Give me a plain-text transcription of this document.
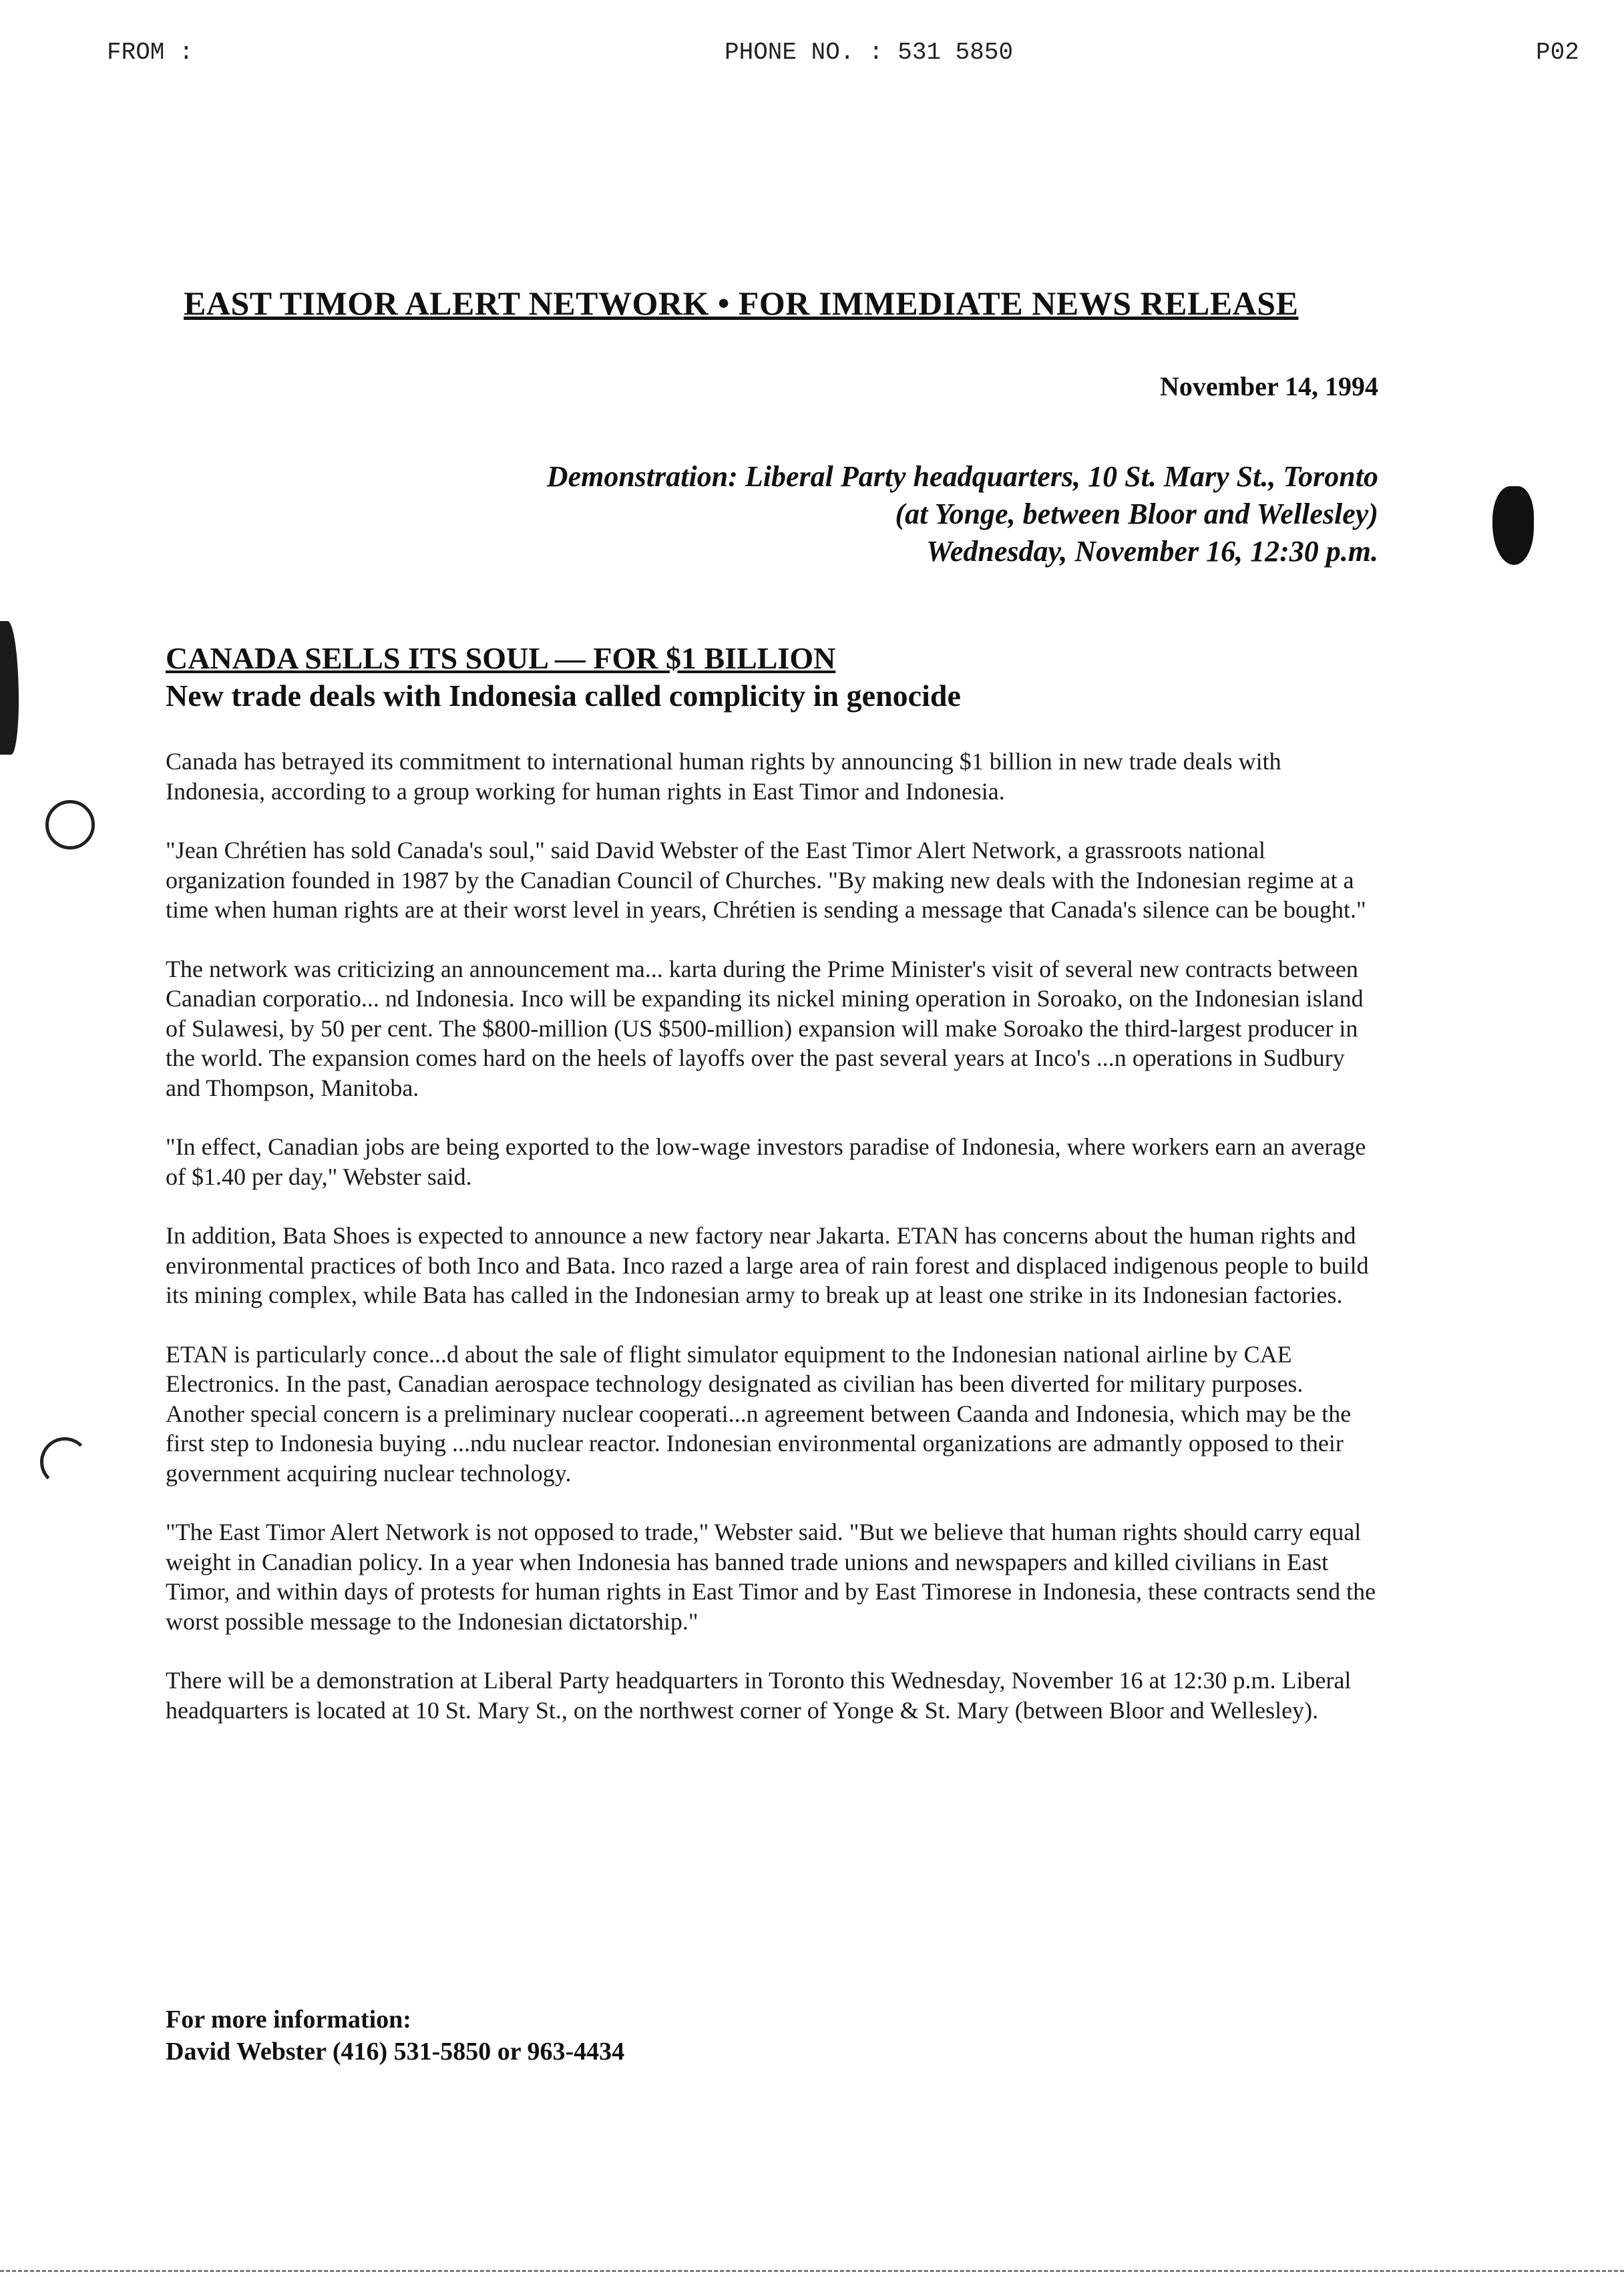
FROM :	PHONE NO. : 531 5850	P02
EAST TIMOR ALERT NETWORK • FOR IMMEDIATE NEWS RELEASE
November 14, 1994
Demonstration: Liberal Party headquarters, 10 St. Mary St., Toronto
(at Yonge, between Bloor and Wellesley)
Wednesday, November 16, 12:30 p.m.
CANADA SELLS ITS SOUL — FOR $1 BILLION
New trade deals with Indonesia called complicity in genocide

Canada has betrayed its commitment to international human rights by announcing $1 billion in new trade deals with Indonesia, according to a group working for human rights in East Timor and Indonesia.

"Jean Chrétien has sold Canada's soul," said David Webster of the East Timor Alert Network, a grassroots national organization founded in 1987 by the Canadian Council of Churches. "By making new deals with the Indonesian regime at a time when human rights are at their worst level in years, Chrétien is sending a message that Canada's silence can be bought."

The network was criticizing an announcement ma... karta during the Prime Minister's visit of several new contracts between Canadian corporatio... nd Indonesia. Inco will be expanding its nickel mining operation in Soroako, on the Indonesian island of Sulawesi, by 50 per cent. The $800-million (US $500-million) expansion will make Soroako the third-largest producer in the world. The expansion comes hard on the heels of layoffs over the past several years at Inco's ...n operations in Sudbury and Thompson, Manitoba.

"In effect, Canadian jobs are being exported to the low-wage investors paradise of Indonesia, where workers earn an average of $1.40 per day," Webster said.

In addition, Bata Shoes is expected to announce a new factory near Jakarta. ETAN has concerns about the human rights and environmental practices of both Inco and Bata. Inco razed a large area of rain forest and displaced indigenous people to build its mining complex, while Bata has called in the Indonesian army to break up at least one strike in its Indonesian factories.

ETAN is particularly conce...d about the sale of flight simulator equipment to the Indonesian national airline by CAE Electronics. In the past, Canadian aerospace technology designated as civilian has been diverted for military purposes. Another special concern is a preliminary nuclear cooperati...n agreement between Caanda and Indonesia, which may be the first step to Indonesia buying ...ndu nuclear reactor. Indonesian environmental organizations are admantly opposed to their government acquiring nuclear technology.

"The East Timor Alert Network is not opposed to trade," Webster said. "But we believe that human rights should carry equal weight in Canadian policy. In a year when Indonesia has banned trade unions and newspapers and killed civilians in East Timor, and within days of protests for human rights in East Timor and by East Timorese in Indonesia, these contracts send the worst possible message to the Indonesian dictatorship."

There will be a demonstration at Liberal Party headquarters in Toronto this Wednesday, November 16 at 12:30 p.m. Liberal headquarters is located at 10 St. Mary St., on the northwest corner of Yonge & St. Mary (between Bloor and Wellesley).

For more information:
David Webster (416) 531-5850 or 963-4434
